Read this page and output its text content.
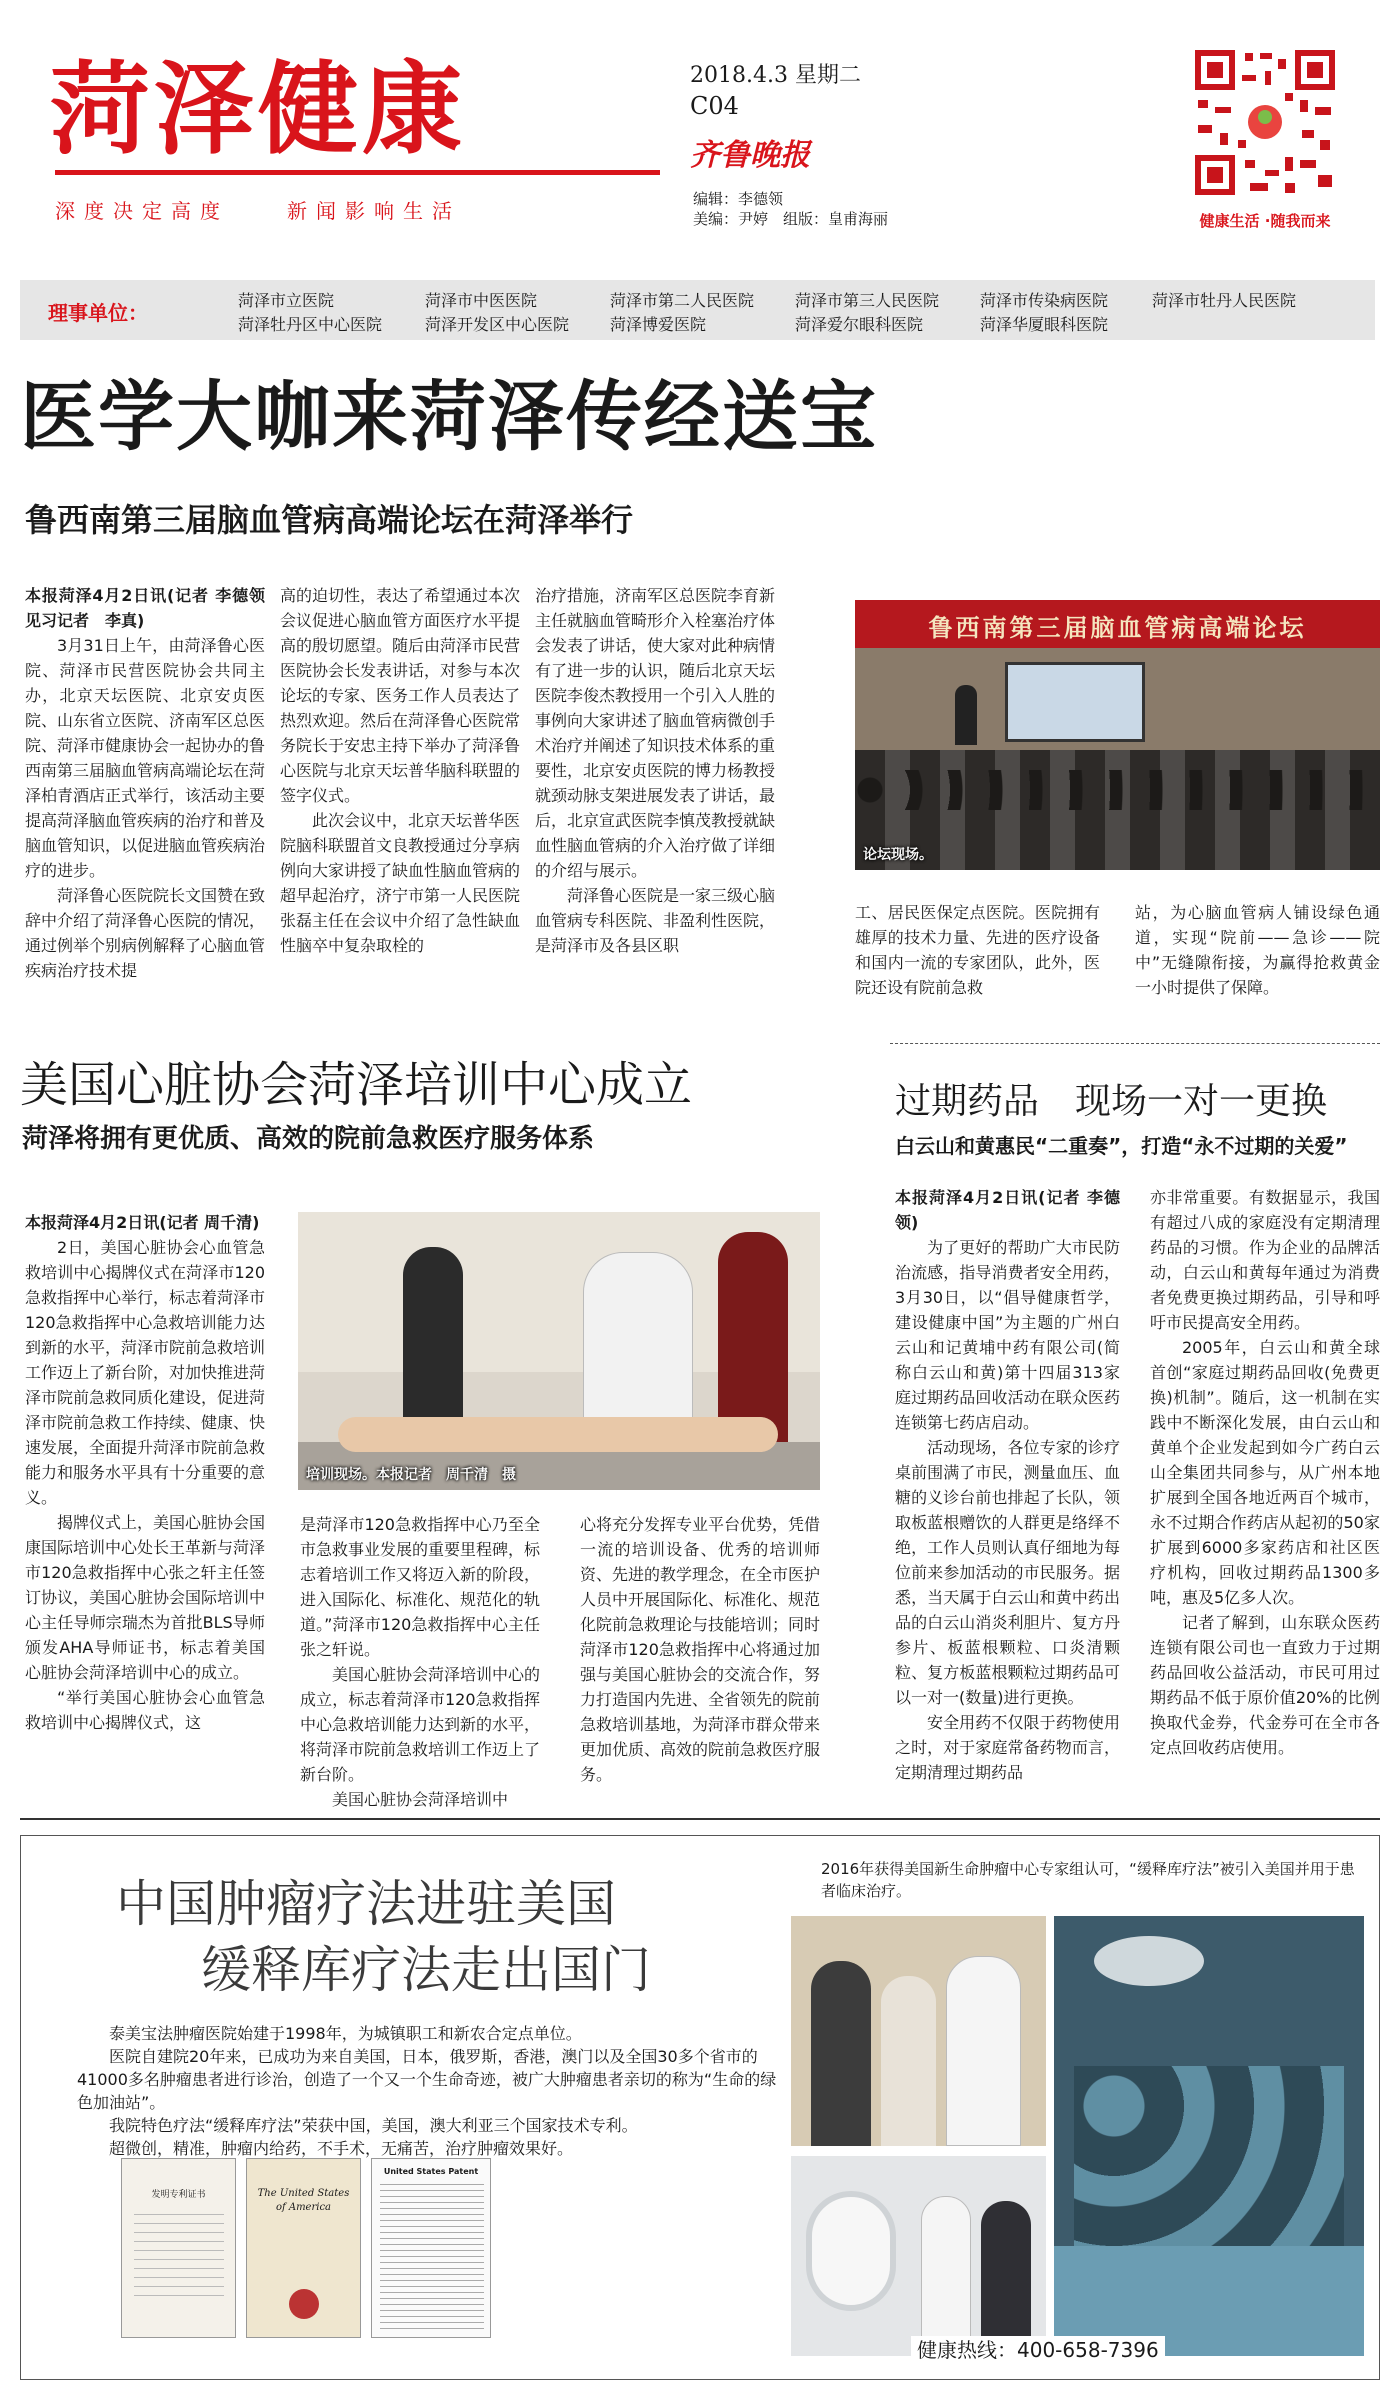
菏泽健康
深度决定高度　　新闻影响生活
2018.4.3 星期二
C04
齐鲁晚报
编辑：李德领
美编：尹婷　组版：皇甫海丽	健康生活 ·随我而来
理事单位：
菏泽市立医院	菏泽市中医医院	菏泽市第二人民医院	菏泽市第三人民医院	菏泽市传染病医院	菏泽市牡丹人民医院
菏泽牡丹区中心医院	菏泽开发区中心医院	菏泽博爱医院	菏泽爱尔眼科医院	菏泽华厦眼科医院
医学大咖来菏泽传经送宝
鲁西南第三届脑血管病高端论坛在菏泽举行

本报菏泽4月2日讯(记者 李德领　见习记者　李真)

3月31日上午，由菏泽鲁心医院、菏泽市民营医院协会共同主办，北京天坛医院、北京安贞医院、山东省立医院、济南军区总医院、菏泽市健康协会一起协办的鲁西南第三届脑血管病高端论坛在菏泽柏青酒店正式举行，该活动主要提高菏泽脑血管疾病的治疗和普及脑血管知识，以促进脑血管疾病治疗的进步。

菏泽鲁心医院院长文国赞在致辞中介绍了菏泽鲁心医院的情况，通过例举个别病例解释了心脑血管疾病治疗技术提

高的迫切性，表达了希望通过本次会议促进心脑血管方面医疗水平提高的殷切愿望。随后由菏泽市民营医院协会长发表讲话，对参与本次论坛的专家、医务工作人员表达了热烈欢迎。然后在菏泽鲁心医院常务院长于安忠主持下举办了菏泽鲁心医院与北京天坛普华脑科联盟的签字仪式。

此次会议中，北京天坛普华医院脑科联盟首文良教授通过分享病例向大家讲授了缺血性脑血管病的超早起治疗，济宁市第一人民医院张磊主任在会议中介绍了急性缺血性脑卒中复杂取栓的

治疗措施，济南军区总医院李育新主任就脑血管畸形介入栓塞治疗体会发表了讲话，使大家对此种病情有了进一步的认识，随后北京天坛医院李俊杰教授用一个引入人胜的事例向大家讲述了脑血管病微创手术治疗并阐述了知识技术体系的重要性，北京安贞医院的博力杨教授就颈动脉支架进展发表了讲话，最后，北京宣武医院李慎茂教授就缺血性脑血管病的介入治疗做了详细的介绍与展示。

菏泽鲁心医院是一家三级心脑血管病专科医院、非盈利性医院，是菏泽市及各县区职

鲁西南第三届脑血管病高端论坛
论坛现场。

工、居民医保定点医院。医院拥有雄厚的技术力量、先进的医疗设备和国内一流的专家团队，此外，医院还设有院前急救

站，为心脑血管病人铺设绿色通道，实现“院前——急诊——院中”无缝隙衔接，为赢得抢救黄金一小时提供了保障。

美国心脏协会菏泽培训中心成立
菏泽将拥有更优质、高效的院前急救医疗服务体系

本报菏泽4月2日讯(记者 周千清)

2日，美国心脏协会心血管急救培训中心揭牌仪式在菏泽市120急救指挥中心举行，标志着菏泽市120急救指挥中心急救培训能力达到新的水平，菏泽市院前急救培训工作迈上了新台阶，对加快推进菏泽市院前急救同质化建设，促进菏泽市院前急救工作持续、健康、快速发展，全面提升菏泽市院前急救能力和服务水平具有十分重要的意义。

揭牌仪式上，美国心脏协会国康国际培训中心处长王革新与菏泽市120急救指挥中心张之轩主任签订协议，美国心脏协会国际培训中心主任导师宗瑞杰为首批BLS导师颁发AHA导师证书，标志着美国心脏协会菏泽培训中心的成立。

“举行美国心脏协会心血管急救培训中心揭牌仪式，这

培训现场。本报记者　周千清　摄

是菏泽市120急救指挥中心乃至全市急救事业发展的重要里程碑，标志着培训工作又将迈入新的阶段，进入国际化、标准化、规范化的轨道。”菏泽市120急救指挥中心主任张之轩说。

美国心脏协会菏泽培训中心的成立，标志着菏泽市120急救指挥中心急救培训能力达到新的水平，将菏泽市院前急救培训工作迈上了新台阶。

美国心脏协会菏泽培训中

心将充分发挥专业平台优势，凭借一流的培训设备、优秀的培训师资、先进的教学理念，在全市医护人员中开展国际化、标准化、规范化院前急救理论与技能培训；同时菏泽市120急救指挥中心将通过加强与美国心脏协会的交流合作，努力打造国内先进、全省领先的院前急救培训基地，为菏泽市群众带来更加优质、高效的院前急救医疗服务。

过期药品　现场一对一更换
白云山和黄惠民“二重奏”，打造“永不过期的关爱”

本报菏泽4月2日讯(记者 李德领)

为了更好的帮助广大市民防治流感，指导消费者安全用药，3月30日，以“倡导健康哲学，建设健康中国”为主题的广州白云山和记黄埔中药有限公司(简称白云山和黄)第十四届313家庭过期药品回收活动在联众医药连锁第七药店启动。

活动现场，各位专家的诊疗桌前围满了市民，测量血压、血糖的义诊台前也排起了长队，领取板蓝根赠饮的人群更是络绎不绝，工作人员则认真仔细地为每位前来参加活动的市民服务。据悉，当天属于白云山和黄中药出品的白云山消炎利胆片、复方丹参片、板蓝根颗粒、口炎清颗粒、复方板蓝根颗粒过期药品可以一对一(数量)进行更换。

安全用药不仅限于药物使用之时，对于家庭常备药物而言，定期清理过期药品

亦非常重要。有数据显示，我国有超过八成的家庭没有定期清理药品的习惯。作为企业的品牌活动，白云山和黄每年通过为消费者免费更换过期药品，引导和呼吁市民提高安全用药。

2005年，白云山和黄全球首创“家庭过期药品回收(免费更换)机制”。随后，这一机制在实践中不断深化发展，由白云山和黄单个企业发起到如今广药白云山全集团共同参与，从广州本地扩展到全国各地近两百个城市，永不过期合作药店从起初的50家扩展到6000多家药店和社区医疗机构，回收过期药品1300多吨，惠及5亿多人次。

记者了解到，山东联众医药连锁有限公司也一直致力于过期药品回收公益活动，市民可用过期药品不低于原价值20%的比例换取代金券，代金券可在全市各定点回收药店使用。

中国肿瘤疗法进驻美国
缓释库疗法走出国门
泰美宝法肿瘤医院始建于1998年，为城镇职工和新农合定点单位。
医院自建院20年来，已成功为来自美国，日本，俄罗斯，香港，澳门以及全国30多个省市的41000多名肿瘤患者进行诊治，创造了一个又一个生命奇迹，被广大肿瘤患者亲切的称为“生命的绿色加油站”。
我院特色疗法“缓释库疗法”荣获中国，美国，澳大利亚三个国家技术专利。
超微创，精准，肿瘤内给药，不手术，无痛苦，治疗肿瘤效果好。
发明专利证书	The United States of America
United States Patent
2016年获得美国新生命肿瘤中心专家组认可，“缓释库疗法”被引入美国并用于患者临床治疗。
健康热线：400-658-7396
